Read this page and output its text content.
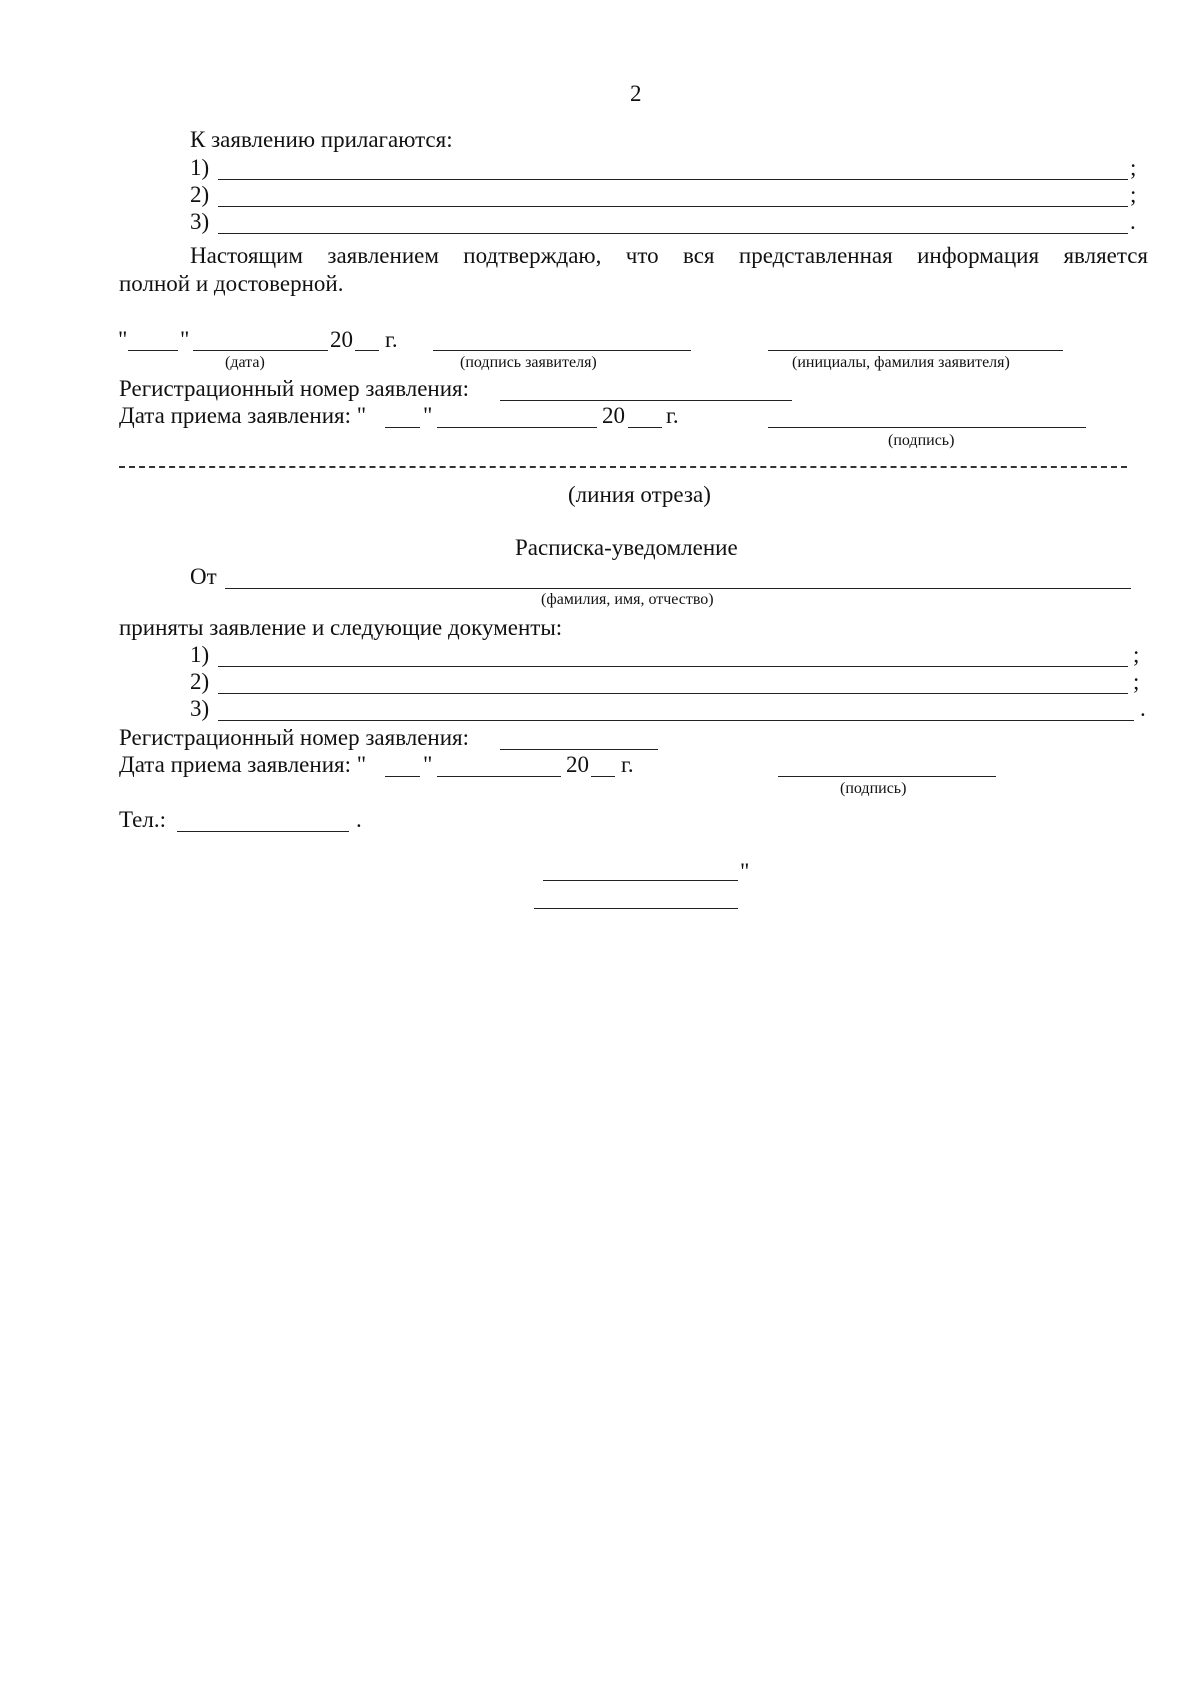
2
К заявлению прилагаются:
1)	;
2)	;
3)	.
Настоящим заявлением подтверждаю, что вся представленная информация является
полной и достоверной.
" "	20 г.
(дата)	(подпись заявителя)	(инициалы, фамилия заявителя)
Регистрационный номер заявления:
Дата приема заявления: " "	20 г.
(подпись)
(линия отреза)
Расписка-уведомление
От
(фамилия, имя, отчество)
приняты заявление и следующие документы:
1)	;
2)	;
3)	.
Регистрационный номер заявления:
Дата приема заявления: " "	20 г.
(подпись)
Тел.:	.
"
